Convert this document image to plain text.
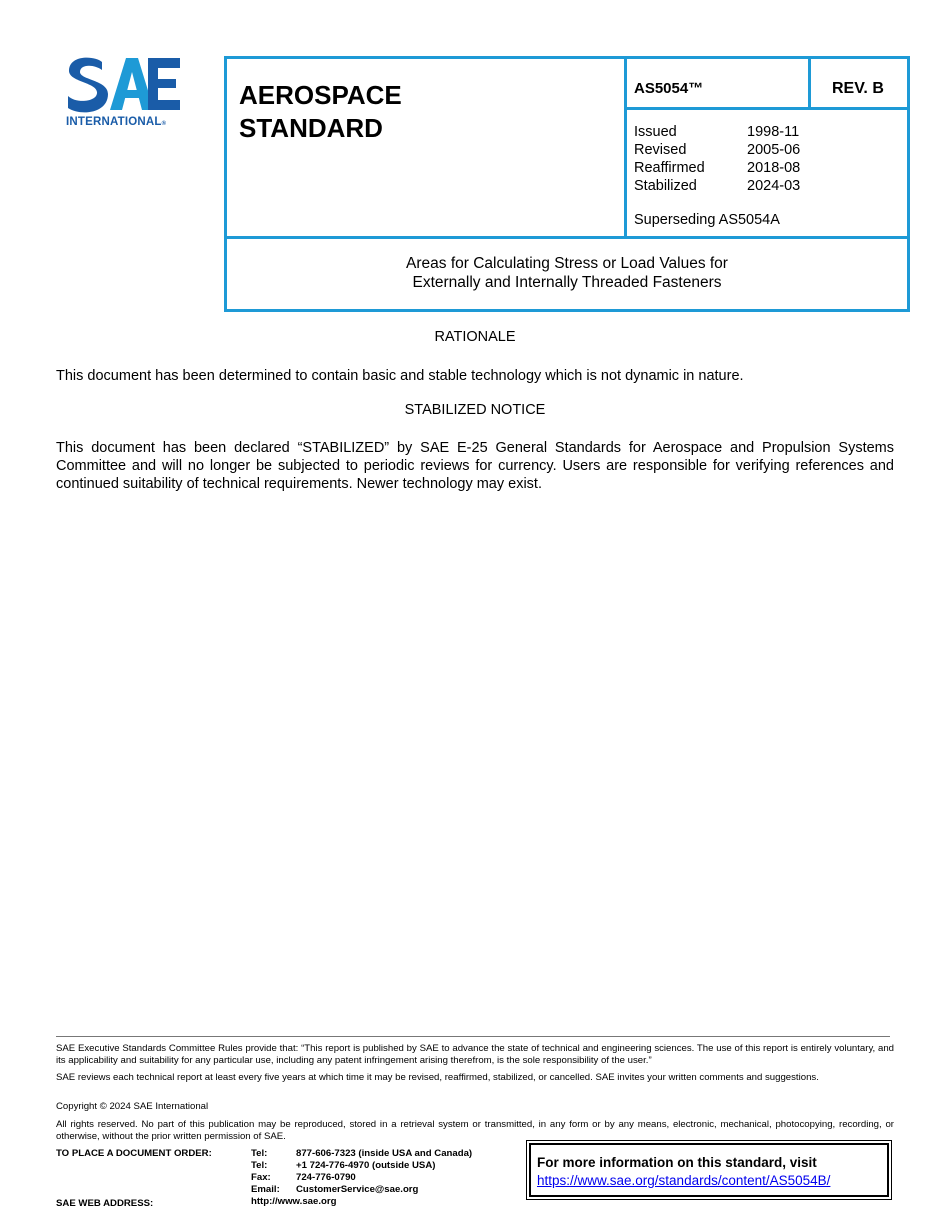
INTERNATIONAL®
AEROSPACE STANDARD
AS5054™	REV. B
Issued	1998-11
Revised	2005-06
Reaffirmed	2018-08
Stabilized	2024-03
Superseding AS5054A
Areas for Calculating Stress or Load Values for
Externally and Internally Threaded Fasteners
RATIONALE
This document has been determined to contain basic and stable technology which is not dynamic in nature.
STABILIZED NOTICE
This document has been declared “STABILIZED” by SAE E-25 General Standards for Aerospace and Propulsion Systems Committee and will no longer be subjected to periodic reviews for currency. Users are responsible for verifying references and continued suitability of technical requirements. Newer technology may exist.
SAE Executive Standards Committee Rules provide that: “This report is published by SAE to advance the state of technical and engineering sciences. The use of this report is entirely voluntary, and its applicability and suitability for any particular use, including any patent infringement arising therefrom, is the sole responsibility of the user.”
SAE reviews each technical report at least every five years at which time it may be revised, reaffirmed, stabilized, or cancelled. SAE invites your written comments and suggestions.
Copyright © 2024 SAE International
All rights reserved. No part of this publication may be reproduced, stored in a retrieval system or transmitted, in any form or by any means, electronic, mechanical, photocopying, recording, or otherwise, without the prior written permission of SAE.
TO PLACE A DOCUMENT ORDER:	Tel:	877-606-7323 (inside USA and Canada)
Tel:	+1 724-776-4970 (outside USA)
Fax:	724-776-0790
Email:	CustomerService@sae.org
http://www.sae.org
SAE WEB ADDRESS:
For more information on this standard, visit
https://www.sae.org/standards/content/AS5054B/
